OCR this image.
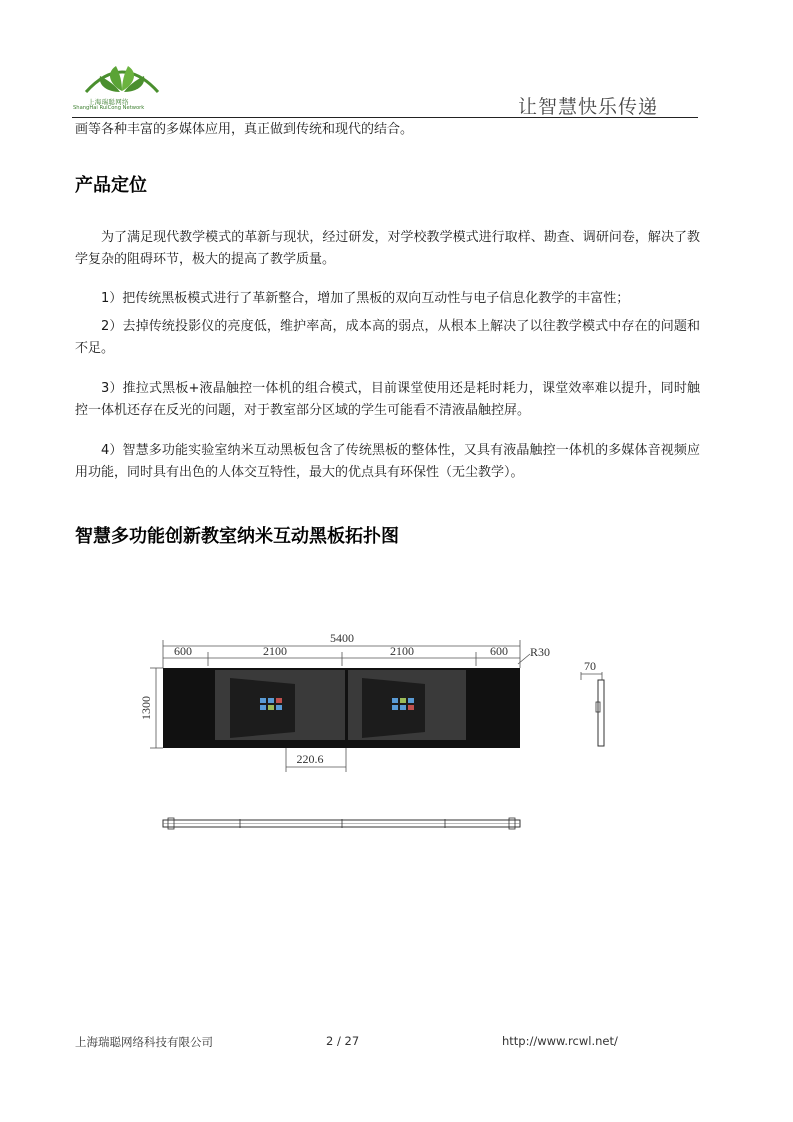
上海瑞聪网络
ShangHai RuiCong Network	让智慧快乐传递
画等各种丰富的多媒体应用，真正做到传统和现代的结合。
产品定位
为了满足现代教学模式的革新与现状，经过研发，对学校教学模式进行取样、勘查、调研问卷，解决了教学复杂的阻碍环节，极大的提高了教学质量。
1）把传统黑板模式进行了革新整合，增加了黑板的双向互动性与电子信息化教学的丰富性；
2）去掉传统投影仪的亮度低，维护率高，成本高的弱点，从根本上解决了以往教学模式中存在的问题和不足。
3）推拉式黑板+液晶触控一体机的组合模式，目前课堂使用还是耗时耗力，课堂效率难以提升，同时触控一体机还存在反光的问题，对于教室部分区域的学生可能看不清液晶触控屏。
4）智慧多功能实验室纳米互动黑板包含了传统黑板的整体性，又具有液晶触控一体机的多媒体音视频应用功能，同时具有出色的人体交互特性，最大的优点具有环保性（无尘教学）。
智慧多功能创新教室纳米互动黑板拓扑图
5400
600	2100	2100	600 R30
1300
220.6
70
上海瑞聪网络科技有限公司	2 / 27	http://www.rcwl.net/
